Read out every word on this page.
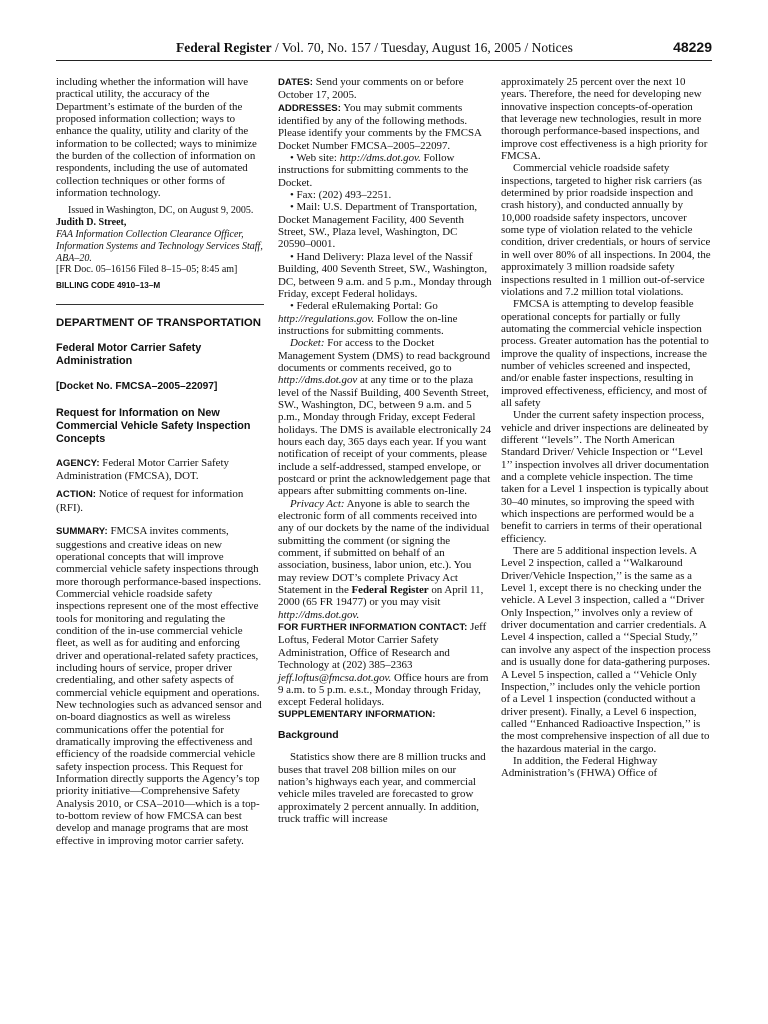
Federal Register / Vol. 70, No. 157 / Tuesday, August 16, 2005 / Notices	48229

including whether the information will have practical utility, the accuracy of the Department’s estimate of the burden of the proposed information collection; ways to enhance the quality, utility and clarity of the information to be collected; ways to minimize the burden of the collection of information on respondents, including the use of automated collection techniques or other forms of information technology.

Issued in Washington, DC, on August 9, 2005.

Judith D. Street,

FAA Information Collection Clearance Officer, Information Systems and Technology Services Staff, ABA–20.

[FR Doc. 05–16156 Filed 8–15–05; 8:45 am]

BILLING CODE 4910–13–M

DEPARTMENT OF TRANSPORTATION

Federal Motor Carrier Safety Administration

[Docket No. FMCSA–2005–22097]

Request for Information on New Commercial Vehicle Safety Inspection Concepts

AGENCY: Federal Motor Carrier Safety Administration (FMCSA), DOT.

ACTION: Notice of request for information (RFI).

SUMMARY: FMCSA invites comments, suggestions and creative ideas on new operational concepts that will improve commercial vehicle safety inspections through more thorough performance-based inspections. Commercial vehicle roadside safety inspections represent one of the most effective tools for monitoring and regulating the condition of the in-use commercial vehicle fleet, as well as for auditing and enforcing driver and operational-related safety practices, including hours of service, proper driver credentialing, and other safety aspects of commercial vehicle equipment and operations. New technologies such as advanced sensor and on-board diagnostics as well as wireless communications offer the potential for dramatically improving the effectiveness and efficiency of the roadside commercial vehicle safety inspection process. This Request for Information directly supports the Agency’s top priority initiative—Comprehensive Safety Analysis 2010, or CSA–2010—which is a top-to-bottom review of how FMCSA can best develop and manage programs that are most effective in improving motor carrier safety.

DATES: Send your comments on or before October 17, 2005.

ADDRESSES: You may submit comments identified by any of the following methods. Please identify your comments by the FMCSA Docket Number FMCSA–2005–22097.

• Web site: http://dms.dot.gov. Follow instructions for submitting comments to the Docket.

• Fax: (202) 493–2251.

• Mail: U.S. Department of Transportation, Docket Management Facility, 400 Seventh Street, SW., Plaza level, Washington, DC 20590–0001.

• Hand Delivery: Plaza level of the Nassif Building, 400 Seventh Street, SW., Washington, DC, between 9 a.m. and 5 p.m., Monday through Friday, except Federal holidays.

• Federal eRulemaking Portal: Go http://regulations.gov. Follow the on-line instructions for submitting comments.

Docket: For access to the Docket Management System (DMS) to read background documents or comments received, go to http://dms.dot.gov at any time or to the plaza level of the Nassif Building, 400 Seventh Street, SW., Washington, DC, between 9 a.m. and 5 p.m., Monday through Friday, except Federal holidays. The DMS is available electronically 24 hours each day, 365 days each year. If you want notification of receipt of your comments, please include a self-addressed, stamped envelope, or postcard or print the acknowledgement page that appears after submitting comments on-line.

Privacy Act: Anyone is able to search the electronic form of all comments received into any of our dockets by the name of the individual submitting the comment (or signing the comment, if submitted on behalf of an association, business, labor union, etc.). You may review DOT’s complete Privacy Act Statement in the Federal Register on April 11, 2000 (65 FR 19477) or you may visit http://dms.dot.gov.

FOR FURTHER INFORMATION CONTACT: Jeff Loftus, Federal Motor Carrier Safety Administration, Office of Research and Technology at (202) 385–2363 jeff.loftus@fmcsa.dot.gov. Office hours are from 9 a.m. to 5 p.m. e.s.t., Monday through Friday, except Federal holidays.

SUPPLEMENTARY INFORMATION:

Background

Statistics show there are 8 million trucks and buses that travel 208 billion miles on our nation’s highways each year, and commercial vehicle miles traveled are forecasted to grow approximately 2 percent annually. In addition, truck traffic will increase

approximately 25 percent over the next 10 years. Therefore, the need for developing new innovative inspection concepts-of-operation that leverage new technologies, result in more thorough performance-based inspections, and improve cost effectiveness is a high priority for FMCSA.

Commercial vehicle roadside safety inspections, targeted to higher risk carriers (as determined by prior roadside inspection and crash history), and conducted annually by 10,000 roadside safety inspectors, uncover some type of violation related to the vehicle condition, driver credentials, or hours of service in well over 80% of all inspections. In 2004, the approximately 3 million roadside safety inspections resulted in 1 million out-of-service violations and 7.2 million total violations.

FMCSA is attempting to develop feasible operational concepts for partially or fully automating the commercial vehicle inspection process. Greater automation has the potential to improve the quality of inspections, increase the number of vehicles screened and inspected, and/or enable faster inspections, resulting in improved effectiveness, efficiency, and most of all safety

Under the current safety inspection process, vehicle and driver inspections are delineated by different ‘‘levels’’. The North American Standard Driver/ Vehicle Inspection or ‘‘Level 1’’ inspection involves all driver documentation and a complete vehicle inspection. The time taken for a Level 1 inspection is typically about 30–40 minutes, so improving the speed with which inspections are performed would be a benefit to carriers in terms of their operational efficiency.

There are 5 additional inspection levels. A Level 2 inspection, called a ‘‘Walkaround Driver/Vehicle Inspection,’’ is the same as a Level 1, except there is no checking under the vehicle. A Level 3 inspection, called a ‘‘Driver Only Inspection,’’ involves only a review of driver documentation and carrier credentials. A Level 4 inspection, called a ‘‘Special Study,’’ can involve any aspect of the inspection process and is usually done for data-gathering purposes. A Level 5 inspection, called a ‘‘Vehicle Only Inspection,’’ includes only the vehicle portion of a Level 1 inspection (conducted without a driver present). Finally, a Level 6 inspection, called ‘‘Enhanced Radioactive Inspection,’’ is the most comprehensive inspection of all due to the hazardous material in the cargo.

In addition, the Federal Highway Administration’s (FHWA) Office of
